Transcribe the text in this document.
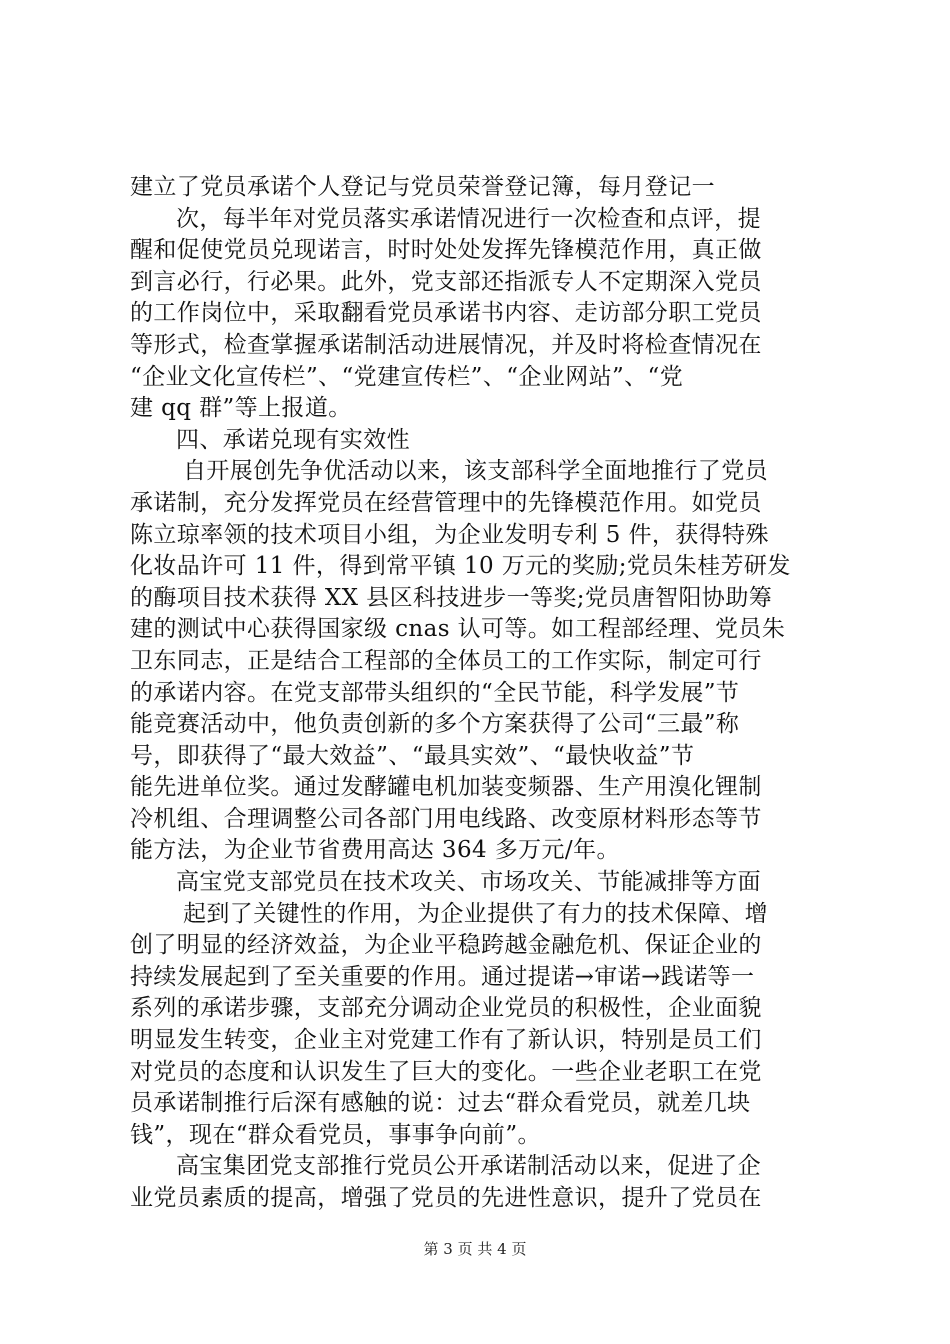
建立了党员承诺个人登记与党员荣誉登记簿，每月登记一
次，每半年对党员落实承诺情况进行一次检查和点评，提
醒和促使党员兑现诺言，时时处处发挥先锋模范作用，真正做
到言必行，行必果。此外，党支部还指派专人不定期深入党员
的工作岗位中，采取翻看党员承诺书内容、走访部分职工党员
等形式，检查掌握承诺制活动进展情况，并及时将检查情况在
“企业文化宣传栏”、“党建宣传栏”、“企业网站”、“党
建 qq 群”等上报道。
四、承诺兑现有实效性
自开展创先争优活动以来，该支部科学全面地推行了党员
承诺制，充分发挥党员在经营管理中的先锋模范作用。如党员
陈立琼率领的技术项目小组，为企业发明专利 5 件，获得特殊
化妆品许可 11 件，得到常平镇 10 万元的奖励;党员朱桂芳研发
的酶项目技术获得 XX 县区科技进步一等奖;党员唐智阳协助筹
建的测试中心获得国家级 cnas 认可等。如工程部经理、党员朱
卫东同志，正是结合工程部的全体员工的工作实际，制定可行
的承诺内容。在党支部带头组织的“全民节能，科学发展”节
能竞赛活动中，他负责创新的多个方案获得了公司“三最”称
号，即获得了“最大效益”、“最具实效”、“最快收益”节
能先进单位奖。通过发酵罐电机加装变频器、生产用溴化锂制
冷机组、合理调整公司各部门用电线路、改变原材料形态等节
能方法，为企业节省费用高达 364 多万元/年。
高宝党支部党员在技术攻关、市场攻关、节能减排等方面
起到了关键性的作用，为企业提供了有力的技术保障、增
创了明显的经济效益，为企业平稳跨越金融危机、保证企业的
持续发展起到了至关重要的作用。通过提诺→审诺→践诺等一
系列的承诺步骤，支部充分调动企业党员的积极性，企业面貌
明显发生转变，企业主对党建工作有了新认识，特别是员工们
对党员的态度和认识发生了巨大的变化。一些企业老职工在党
员承诺制推行后深有感触的说：过去“群众看党员，就差几块
钱”，现在“群众看党员，事事争向前”。
高宝集团党支部推行党员公开承诺制活动以来，促进了企
业党员素质的提高，增强了党员的先进性意识，提升了党员在
第 3 页 共 4 页
